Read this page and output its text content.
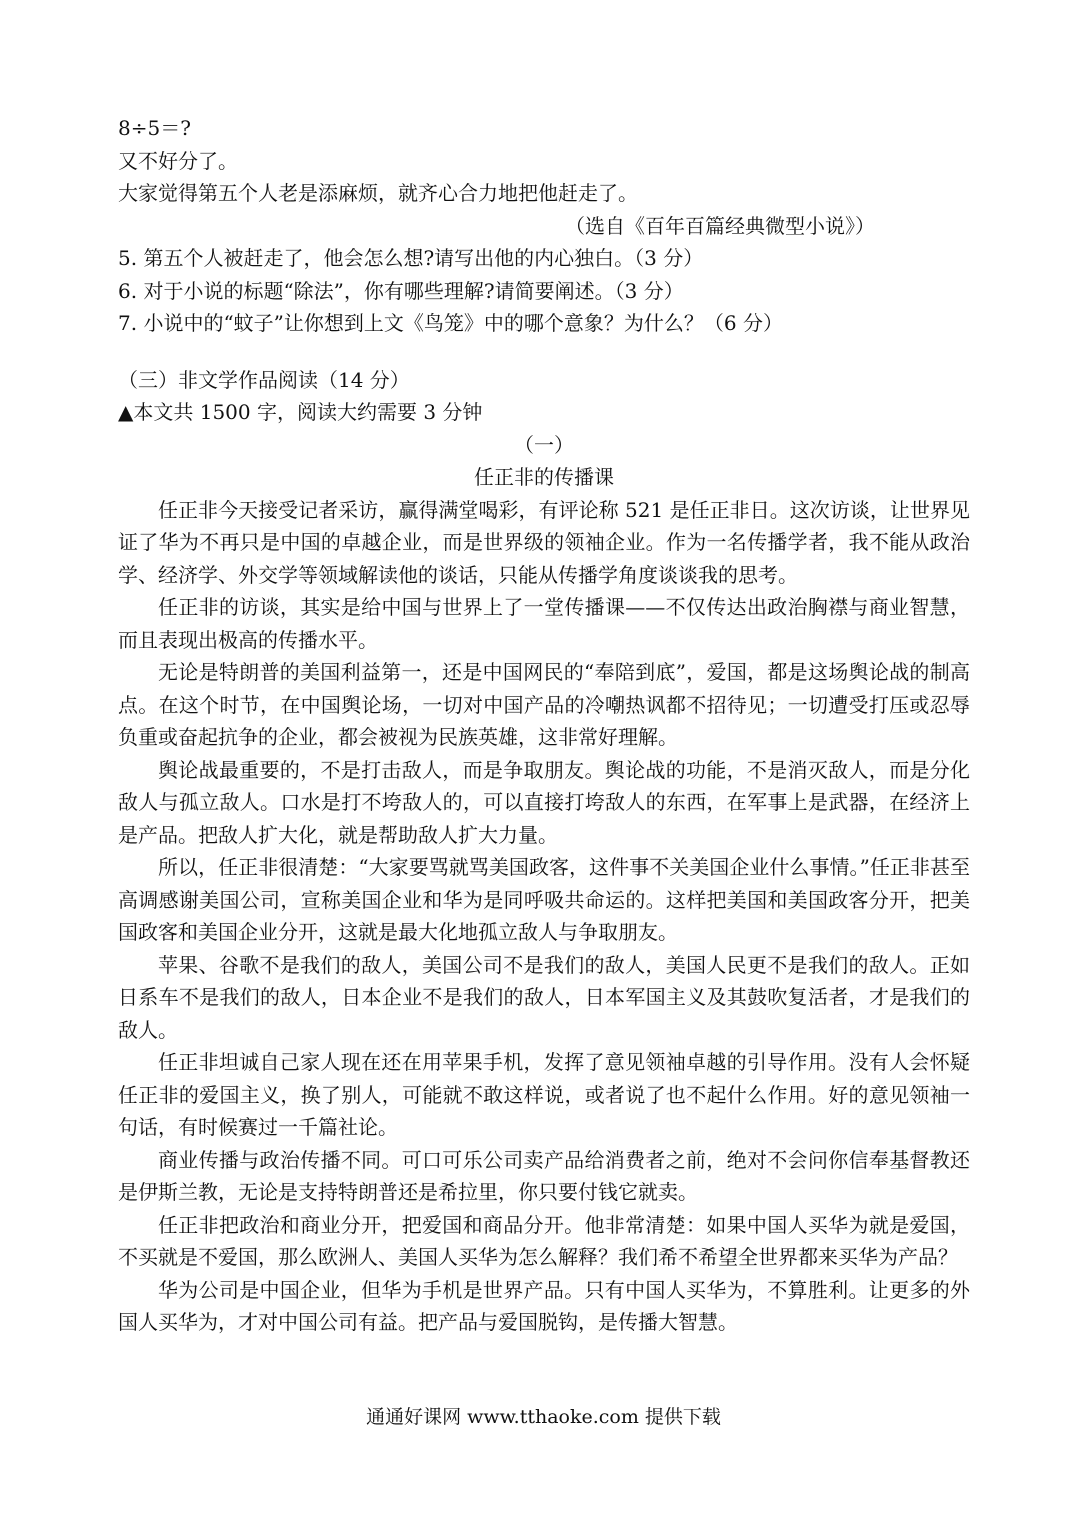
8÷5＝?

又不好分了。

大家觉得第五个人老是添麻烦，就齐心合力地把他赶走了。

（选自《百年百篇经典微型小说》）

5. 第五个人被赶走了，他会怎么想?请写出他的内心独白。（3 分）

6. 对于小说的标题“除法”，你有哪些理解?请简要阐述。（3 分）

7. 小说中的“蚊子”让你想到上文《鸟笼》中的哪个意象？为什么？（6 分）

（三）非文学作品阅读（14 分）

▲本文共 1500 字，阅读大约需要 3 分钟

（一）

任正非的传播课

任正非今天接受记者采访，赢得满堂喝彩，有评论称 521 是任正非日。这次访谈，让世界见证了华为不再只是中国的卓越企业，而是世界级的领袖企业。作为一名传播学者，我不能从政治学、经济学、外交学等领域解读他的谈话，只能从传播学角度谈谈我的思考。

任正非的访谈，其实是给中国与世界上了一堂传播课——不仅传达出政治胸襟与商业智慧，而且表现出极高的传播水平。

无论是特朗普的美国利益第一，还是中国网民的“奉陪到底”，爱国，都是这场舆论战的制高点。在这个时节，在中国舆论场，一切对中国产品的冷嘲热讽都不招待见；一切遭受打压或忍辱负重或奋起抗争的企业，都会被视为民族英雄，这非常好理解。

舆论战最重要的，不是打击敌人，而是争取朋友。舆论战的功能，不是消灭敌人，而是分化敌人与孤立敌人。口水是打不垮敌人的，可以直接打垮敌人的东西，在军事上是武器，在经济上是产品。把敌人扩大化，就是帮助敌人扩大力量。

所以，任正非很清楚：“大家要骂就骂美国政客，这件事不关美国企业什么事情。”任正非甚至高调感谢美国公司，宣称美国企业和华为是同呼吸共命运的。这样把美国和美国政客分开，把美国政客和美国企业分开，这就是最大化地孤立敌人与争取朋友。

苹果、谷歌不是我们的敌人，美国公司不是我们的敌人，美国人民更不是我们的敌人。正如日系车不是我们的敌人，日本企业不是我们的敌人，日本军国主义及其鼓吹复活者，才是我们的敌人。

任正非坦诚自己家人现在还在用苹果手机，发挥了意见领袖卓越的引导作用。没有人会怀疑任正非的爱国主义，换了别人，可能就不敢这样说，或者说了也不起什么作用。好的意见领袖一句话，有时候赛过一千篇社论。

商业传播与政治传播不同。可口可乐公司卖产品给消费者之前，绝对不会问你信奉基督教还是伊斯兰教，无论是支持特朗普还是希拉里，你只要付钱它就卖。

任正非把政治和商业分开，把爱国和商品分开。他非常清楚：如果中国人买华为就是爱国，不买就是不爱国，那么欧洲人、美国人买华为怎么解释？我们希不希望全世界都来买华为产品？

华为公司是中国企业，但华为手机是世界产品。只有中国人买华为，不算胜利。让更多的外国人买华为，才对中国公司有益。把产品与爱国脱钩，是传播大智慧。

通通好课网 www.tthaoke.com 提供下载
